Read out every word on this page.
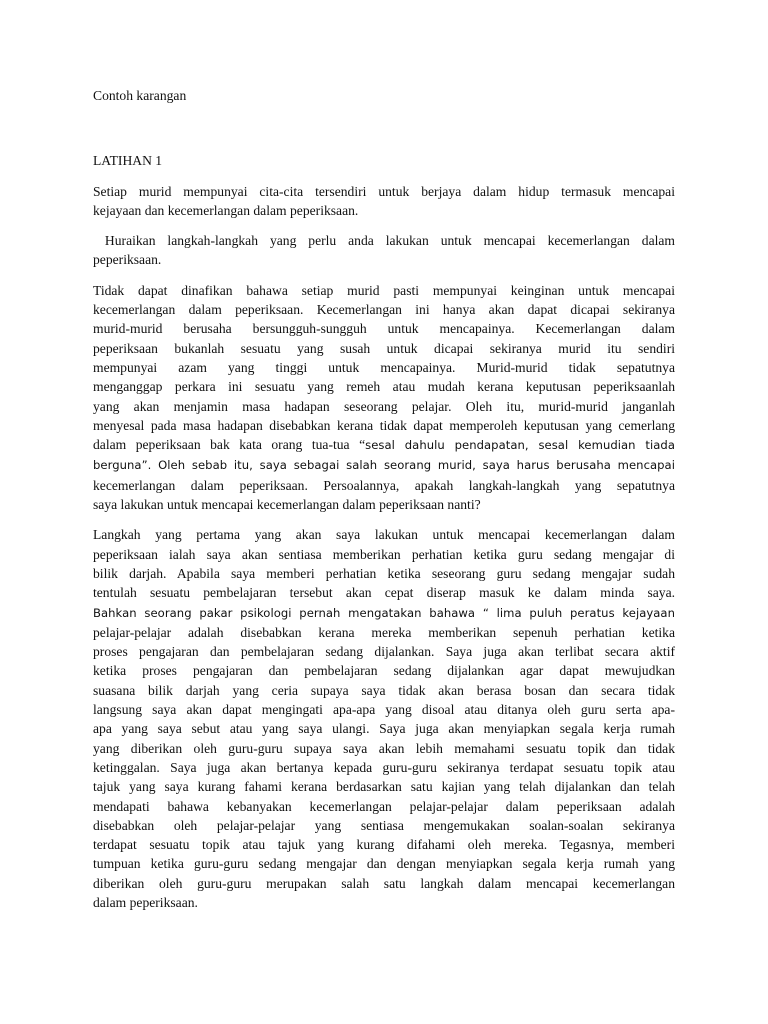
Contoh karangan
LATIHAN 1
Setiap murid mempunyai cita-cita tersendiri untuk berjaya dalam hidup termasuk mencapai
kejayaan dan kecemerlangan dalam peperiksaan.
Huraikan langkah-langkah yang perlu anda lakukan untuk mencapai kecemerlangan dalam
peperiksaan.
Tidak dapat dinafikan bahawa setiap murid pasti mempunyai keinginan untuk mencapai
kecemerlangan dalam peperiksaan. Kecemerlangan ini hanya akan dapat dicapai sekiranya
murid-murid berusaha bersungguh-sungguh untuk mencapainya. Kecemerlangan dalam
peperiksaan bukanlah sesuatu yang susah untuk dicapai sekiranya murid itu sendiri
mempunyai azam yang tinggi untuk mencapainya. Murid-murid tidak sepatutnya
menganggap perkara ini sesuatu yang remeh atau mudah kerana keputusan peperiksaanlah
yang akan menjamin masa hadapan seseorang pelajar. Oleh itu, murid-murid janganlah
menyesal pada masa hadapan disebabkan kerana tidak dapat memperoleh keputusan yang cemerlang
dalam peperiksaan bak kata orang tua-tua “sesal dahulu pendapatan, sesal kemudian tiada
berguna”. Oleh sebab itu, saya sebagai salah seorang murid, saya harus berusaha mencapai
kecemerlangan dalam peperiksaan. Persoalannya, apakah langkah-langkah yang sepatutnya
saya lakukan untuk mencapai kecemerlangan dalam peperiksaan nanti?
Langkah yang pertama yang akan saya lakukan untuk mencapai kecemerlangan dalam
peperiksaan ialah saya akan sentiasa memberikan perhatian ketika guru sedang mengajar di
bilik darjah. Apabila saya memberi perhatian ketika seseorang guru sedang mengajar sudah
tentulah sesuatu pembelajaran tersebut akan cepat diserap masuk ke dalam minda saya.
Bahkan seorang pakar psikologi pernah mengatakan bahawa “ lima puluh peratus kejayaan
pelajar-pelajar adalah disebabkan kerana mereka memberikan sepenuh perhatian ketika
proses pengajaran dan pembelajaran sedang dijalankan. Saya juga akan terlibat secara aktif
ketika proses pengajaran dan pembelajaran sedang dijalankan agar dapat mewujudkan
suasana bilik darjah yang ceria supaya saya tidak akan berasa bosan dan secara tidak
langsung saya akan dapat mengingati apa-apa yang disoal atau ditanya oleh guru serta apa-
apa yang saya sebut atau yang saya ulangi. Saya juga akan menyiapkan segala kerja rumah
yang diberikan oleh guru-guru supaya saya akan lebih memahami sesuatu topik dan tidak
ketinggalan. Saya juga akan bertanya kepada guru-guru sekiranya terdapat sesuatu topik atau
tajuk yang saya kurang fahami kerana berdasarkan satu kajian yang telah dijalankan dan telah
mendapati bahawa kebanyakan kecemerlangan pelajar-pelajar dalam peperiksaan adalah
disebabkan oleh pelajar-pelajar yang sentiasa mengemukakan soalan-soalan sekiranya
terdapat sesuatu topik atau tajuk yang kurang difahami oleh mereka. Tegasnya, memberi
tumpuan ketika guru-guru sedang mengajar dan dengan menyiapkan segala kerja rumah yang
diberikan oleh guru-guru merupakan salah satu langkah dalam mencapai kecemerlangan
dalam peperiksaan.
